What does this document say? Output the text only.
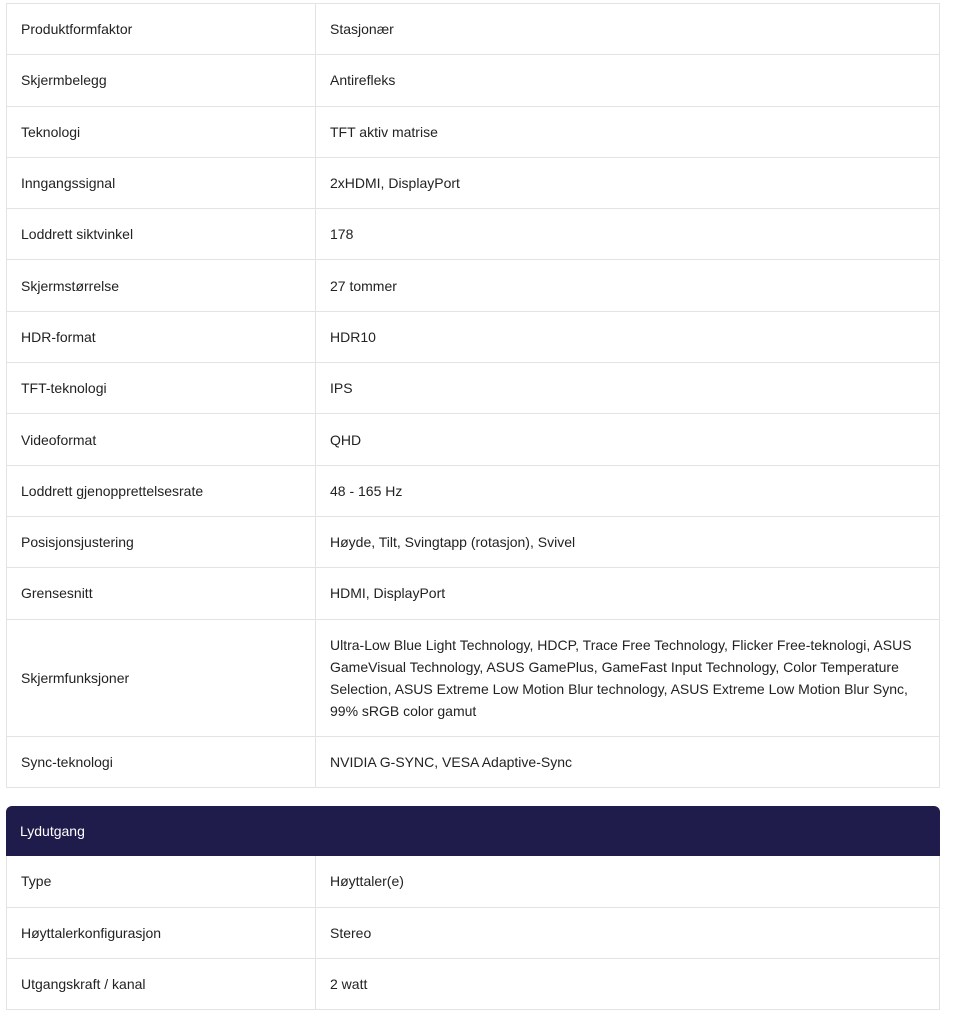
Produktformfaktor	Stasjonær
Skjermbelegg	Antirefleks
Teknologi	TFT aktiv matrise
Inngangssignal	2xHDMI, DisplayPort
Loddrett siktvinkel	178
Skjermstørrelse	27 tommer
HDR-format	HDR10
TFT-teknologi	IPS
Videoformat	QHD
Loddrett gjenopprettelsesrate	48 - 165 Hz
Posisjonsjustering	Høyde, Tilt, Svingtapp (rotasjon), Svivel
Grensesnitt	HDMI, DisplayPort
Skjermfunksjoner	Ultra-Low Blue Light Technology, HDCP, Trace Free Technology, Flicker Free-teknologi, ASUS GameVisual Technology, ASUS GamePlus, GameFast Input Technology, Color Temperature Selection, ASUS Extreme Low Motion Blur technology, ASUS Extreme Low Motion Blur Sync, 99% sRGB color gamut
Sync-teknologi	NVIDIA G-SYNC, VESA Adaptive-Sync
Lydutgang
Type	Høyttaler(e)
Høyttalerkonfigurasjon	Stereo
Utgangskraft / kanal	2 watt
